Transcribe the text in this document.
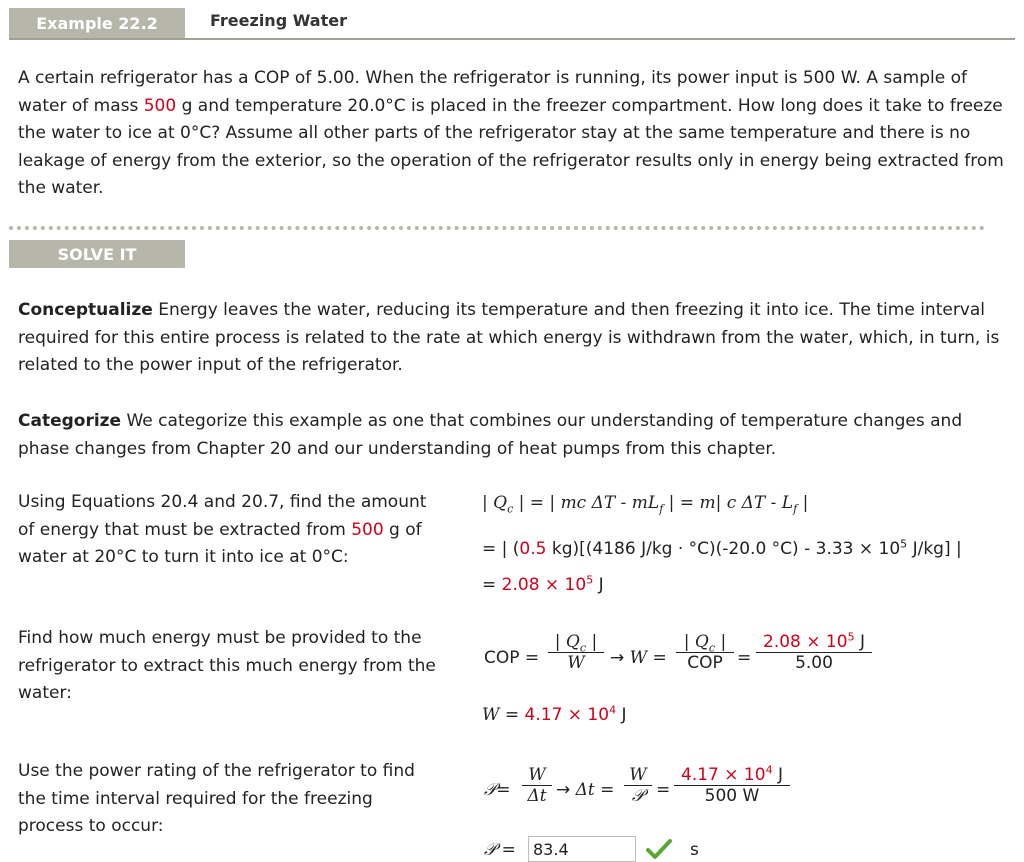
Example 22.2	Freezing Water
A certain refrigerator has a COP of 5.00. When the refrigerator is running, its power input is 500 W. A sample of water of mass 500 g and temperature 20.0°C is placed in the freezer compartment. How long does it take to freeze the water to ice at 0°C? Assume all other parts of the refrigerator stay at the same temperature and there is no leakage of energy from the exterior, so the operation of the refrigerator results only in energy being extracted from the water.
SOLVE IT
Conceptualize Energy leaves the water, reducing its temperature and then freezing it into ice. The time interval required for this entire process is related to the rate at which energy is withdrawn from the water, which, in turn, is related to the power input of the refrigerator.
Categorize We categorize this example as one that combines our understanding of temperature changes and phase changes from Chapter 20 and our understanding of heat pumps from this chapter.
Using Equations 20.4 and 20.7, find the amount of energy that must be extracted from 500 g of water at 20°C to turn it into ice at 0°C:
| $Q_c$ | = | mc ΔT - $mL_f$ | = m| c ΔT - $L_f$ |
= | (0.5 kg)[(4186 J/kg · °C)(-20.0 $^\circ C) - 3.33 \times 10^5$ J/kg] |
= $2.08 \times 10^5$ J
Find how much energy must be provided to the refrigerator to extract this much energy from the water:
COP = $\frac{| Q_c |}{W} \to W$ =
| $Q_c$ |
COP = $\frac{2.08 \times 10^5 J}{5.00}$
$W = 4.17 \times 10^4$ J
Use the power rating of the refrigerator to find the time interval required for the freezing process to occur:
𝒫= $\frac{W}{\Delta t} \to \Delta t$ =
W
𝒫 = $\frac{4.17 \times 10^4 J}{500 W}$
𝒫 =
83.4	s
